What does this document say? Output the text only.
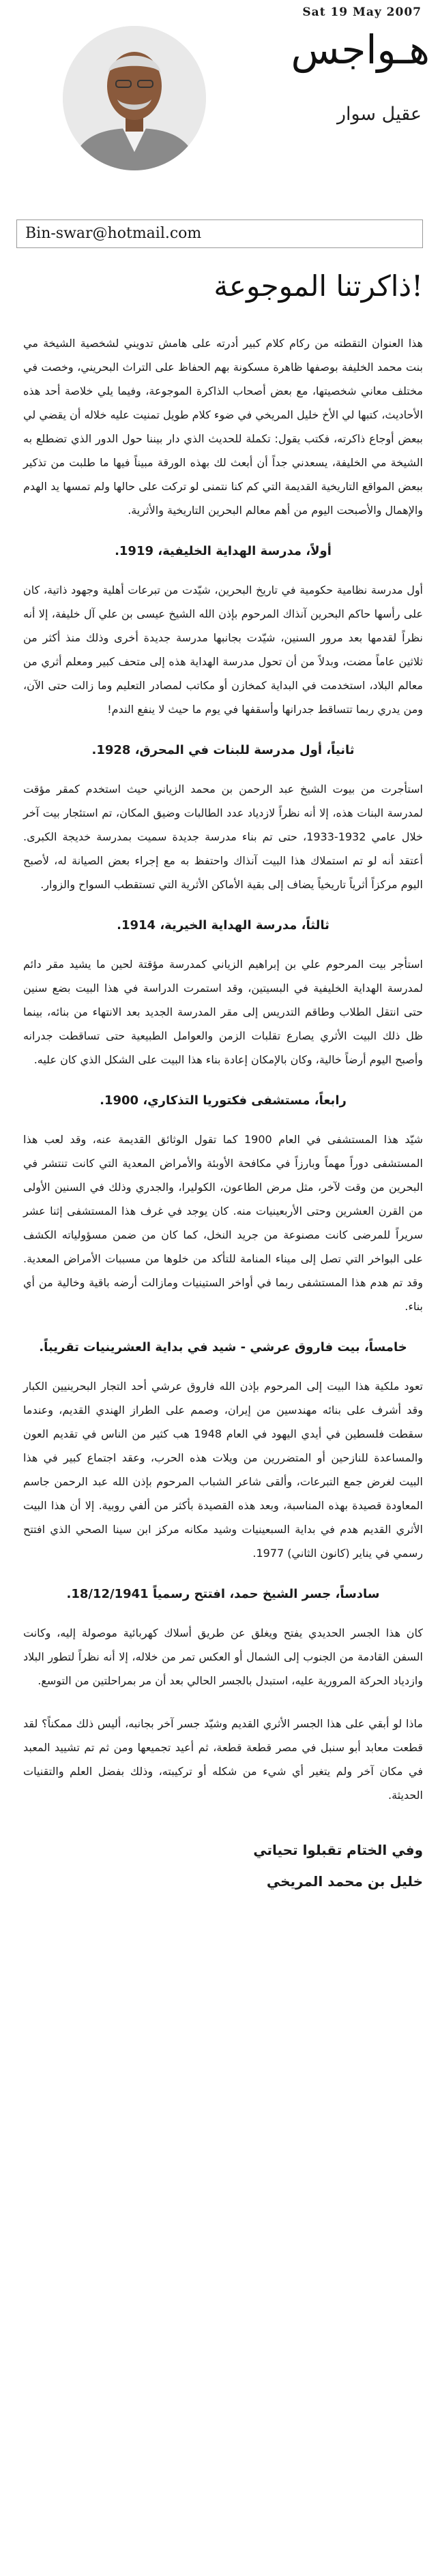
Sat 19 May 2007
هـواجس
عقيل سوار
Bin-swar@hotmail.com
ذاكرتنا الموجوعة!

هذا العنوان التقطته من ركام كلام كبير أدرته على هامش تدويني لشخصية الشيخة مي بنت محمد الخليفة بوصفها ظاهرة مسكونة بهم الحفاظ على التراث البحريني، وخصت في مختلف معاني شخصيتها، مع بعض أصحاب الذاكرة الموجوعة، وفيما يلي خلاصة أحد هذه الأحاديث، كتبها لي الأخ خليل المريخي في ضوء كلام طويل تمنيت عليه خلاله أن يقضي لي ببعض أوجاع ذاكرته، فكتب يقول: تكملة للحديث الذي دار بيننا حول الدور الذي تضطلع به الشيخة مي الخليفة، يسعدني جداً أن أبعث لك بهذه الورقة مبيناً فيها ما طلبت من تذكير ببعض المواقع التاريخية القديمة التي كم كنا نتمنى لو تركت على حالها ولم تمسها يد الهدم والإهمال والأصبحت اليوم من أهم معالم البحرين التاريخية والأثرية.

أولاً، مدرسة الهداية الخليفية، 1919.

أول مدرسة نظامية حكومية في تاريخ البحرين، شيّدت من تبرعات أهلية وجهود ذاتية، كان على رأسها حاكم البحرين آنذاك المرحوم بإذن الله الشيخ عيسى بن علي آل خليفة، إلا أنه نظراً لقدمها بعد مرور السنين، شيّدت بجانبها مدرسة جديدة أخرى وذلك منذ أكثر من ثلاثين عاماً مضت، وبدلاً من أن تحول مدرسة الهداية هذه إلى متحف كبير ومعلم أثري من معالم البلاد، استخدمت في البداية كمخازن أو مكاتب لمصادر التعليم وما زالت حتى الآن، ومن يدري ربما تتساقط جدرانها وأسقفها في يوم ما حيث لا ينفع الندم!

ثانياً، أول مدرسة للبنات في المحرق، 1928.

استأجرت من بيوت الشيخ عبد الرحمن بن محمد الزياني حيث استخدم كمقر مؤقت لمدرسة البنات هذه، إلا أنه نظراً لازدياد عدد الطالبات وضيق المكان، تم استئجار بيت آخر خلال عامي 1932-1933، حتى تم بناء مدرسة جديدة سميت بمدرسة خديجة الكبرى. أعتقد أنه لو تم استملاك هذا البيت آنذاك واحتفظ به مع إجراء بعض الصيانة له، لأصبح اليوم مركزاً أثرياً تاريخياً يضاف إلى بقية الأماكن الأثرية التي تستقطب السواح والزوار.

ثالثاً، مدرسة الهداية الخيرية، 1914.

استأجر بيت المرحوم علي بن إبراهيم الزياني كمدرسة مؤقتة لحين ما يشيد مقر دائم لمدرسة الهداية الخليفية في البسيتين، وقد استمرت الدراسة في هذا البيت بضع سنين حتى انتقل الطلاب وطاقم التدريس إلى مقر المدرسة الجديد بعد الانتهاء من بنائه، بينما ظل ذلك البيت الأثري يصارع تقلبات الزمن والعوامل الطبيعية حتى تساقطت جدرانه وأصبح اليوم أرضاً خالية، وكان بالإمكان إعادة بناء هذا البيت على الشكل الذي كان عليه.

رابعاً، مستشفى فكتوريا التذكاري، 1900.

شيّد هذا المستشفى في العام 1900 كما تقول الوثائق القديمة عنه، وقد لعب هذا المستشفى دوراً مهماً وبارزاً في مكافحة الأوبئة والأمراض المعدية التي كانت تنتشر في البحرين من وقت لآخر، مثل مرض الطاعون، الكوليرا، والجدري وذلك في السنين الأولى من القرن العشرين وحتى الأربعينيات منه. كان يوجد في غرف هذا المستشفى إثنا عشر سريراً للمرضى كانت مصنوعة من جريد النخل، كما كان من ضمن مسؤولياته الكشف على البواخر التي تصل إلى ميناء المنامة للتأكد من خلوها من مسببات الأمراض المعدية. وقد تم هدم هذا المستشفى ربما في أواخر الستينيات ومازالت أرضه باقية وخالية من أي بناء.

خامساً، بيت فاروق عرشي - شيد في بداية العشرينيات تقريباً.

تعود ملكية هذا البيت إلى المرحوم بإذن الله فاروق عرشي أحد التجار البحرينيين الكبار وقد أشرف على بنائه مهندسين من إيران، وصمم على الطراز الهندي القديم، وعندما سقطت فلسطين في أيدي اليهود في العام 1948 هب كثير من الناس في تقديم العون والمساعدة للنازحين أو المتضررين من ويلات هذه الحرب، وعقد اجتماع كبير في هذا البيت لغرض جمع التبرعات، وألقى شاعر الشباب المرحوم بإذن الله عبد الرحمن جاسم المعاودة قصيدة بهذه المناسبة، وبعد هذه القصيدة بأكثر من ألفي روبية. إلا أن هذا البيت الأثري القديم هدم في بداية السبعينيات وشيد مكانه مركز ابن سينا الصحي الذي افتتح رسمي في يناير (كانون الثاني) 1977.

سادساً، جسر الشيخ حمد، افتتح رسمياً 18/12/1941.

كان هذا الجسر الحديدي يفتح ويغلق عن طريق أسلاك كهربائية موصولة إليه، وكانت السفن القادمة من الجنوب إلى الشمال أو العكس تمر من خلاله، إلا أنه نظراً لتطور البلاد وازدياد الحركة المرورية عليه، استبدل بالجسر الحالي بعد أن مر بمراحلتين من التوسع.

ماذا لو أبقي على هذا الجسر الأثري القديم وشيّد جسر آخر بجانبه، أليس ذلك ممكناً؟ لقد قطعت معابد أبو سنبل في مصر قطعة قطعة، ثم أعيد تجميعها ومن ثم تم تشييد المعبد في مكان آخر ولم يتغير أي شيء من شكله أو تركيبته، وذلك بفضل العلم والتقنيات الحديثة.

وفي الختام تقبلوا تحياتي
خليل بن محمد المريخي
